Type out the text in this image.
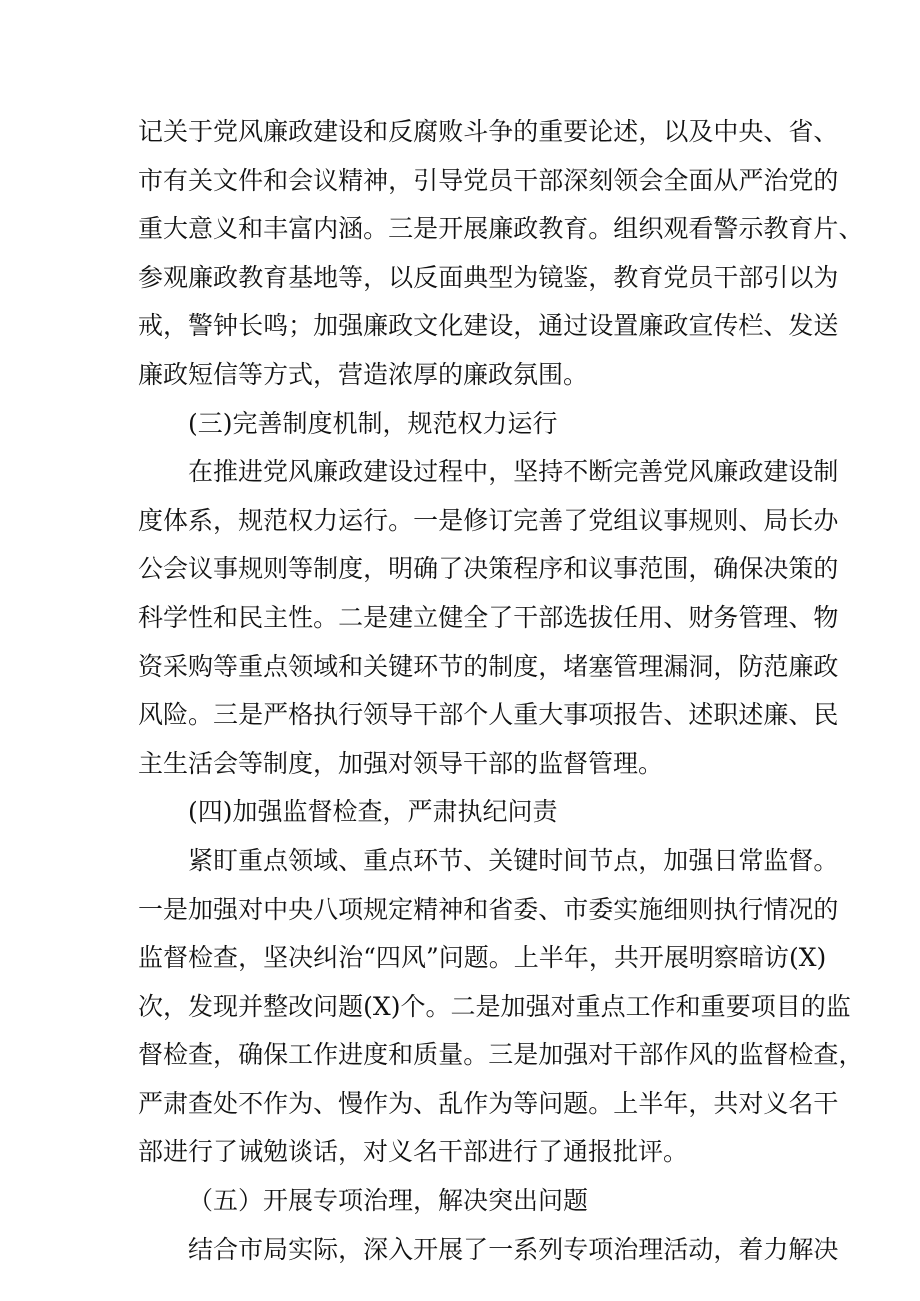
记 关 于 党 风 廉 政 建 设 和 反 腐 败 斗 争 的 重 要 论 述 ， 以 及 中 央 、 省 、
市 有 关 文 件 和 会 议 精 神 ， 引 导 党 员 干 部 深 刻 领 会 全 面 从 严 治 党 的
重 大 意 义 和 丰 富 内 涵 。 三 是 开 展 廉 政 教 育 。 组 织 观 看 警 示 教 育 片 、
参 观 廉 政 教 育 基 地 等 ， 以 反 面 典 型 为 镜 鉴 ， 教 育 党 员 干 部 引 以 为
戒 ， 警 钟 长 鸣 ； 加 强 廉 政 文 化 建 设 ， 通 过 设 置 廉 政 宣 传 栏 、 发 送
廉政短信等方式，营造浓厚的廉政氛围。
(三)完善制度机制，规范权力运行
在 推 进 党 风 廉 政 建 设 过 程 中 ， 坚 持 不 断 完 善 党 风 廉 政 建 设 制
度 体 系 ， 规 范 权 力 运 行 。 一 是 修 订 完 善 了 党 组 议 事 规 则 、 局 长 办
公 会 议 事 规 则 等 制 度 ， 明 确 了 决 策 程 序 和 议 事 范 围 ， 确 保 决 策 的
科 学 性 和 民 主 性 。 二 是 建 立 健 全 了 干 部 选 拔 任 用 、 财 务 管 理 、 物
资 采 购 等 重 点 领 域 和 关 键 环 节 的 制 度 ， 堵 塞 管 理 漏 洞 ， 防 范 廉 政
风 险 。 三 是 严 格 执 行 领 导 干 部 个 人 重 大 事 项 报 告 、 述 职 述 廉 、 民
主生活会等制度，加强对领导干部的监督管理。
(四)加强监督检查，严肃执纪问责
紧 盯 重 点 领 域 、 重 点 环 节 、 关 键 时 间 节 点 ， 加 强 日 常 监 督 。
一 是 加 强 对 中 央 八 项 规 定 精 神 和 省 委 、 市 委 实 施 细 则 执 行 情 况 的
监 督 检 查 ， 坚 决 纠 治 “ 四 风 ” 问 题 。 上 半 年 ， 共 开 展 明 察 暗 访 ( X )
次 ， 发 现 并 整 改 问 题 ( X ) 个 。 二 是 加 强 对 重 点 工 作 和 重 要 项 目 的 监
督 检 查 ， 确 保 工 作 进 度 和 质 量 。 三 是 加 强 对 干 部 作 风 的 监 督 检 查 ，
严 肃 查 处 不 作 为 、 慢 作 为 、 乱 作 为 等 问 题 。 上 半 年 ， 共 对 义 名 干
部进行了诫勉谈话，对义名干部进行了通报批评。
（五）开展专项治理，解决突出问题
结 合 市 局 实 际 ， 深 入 开 展 了 一 系 列 专 项 治 理 活 动 ， 着 力 解 决
